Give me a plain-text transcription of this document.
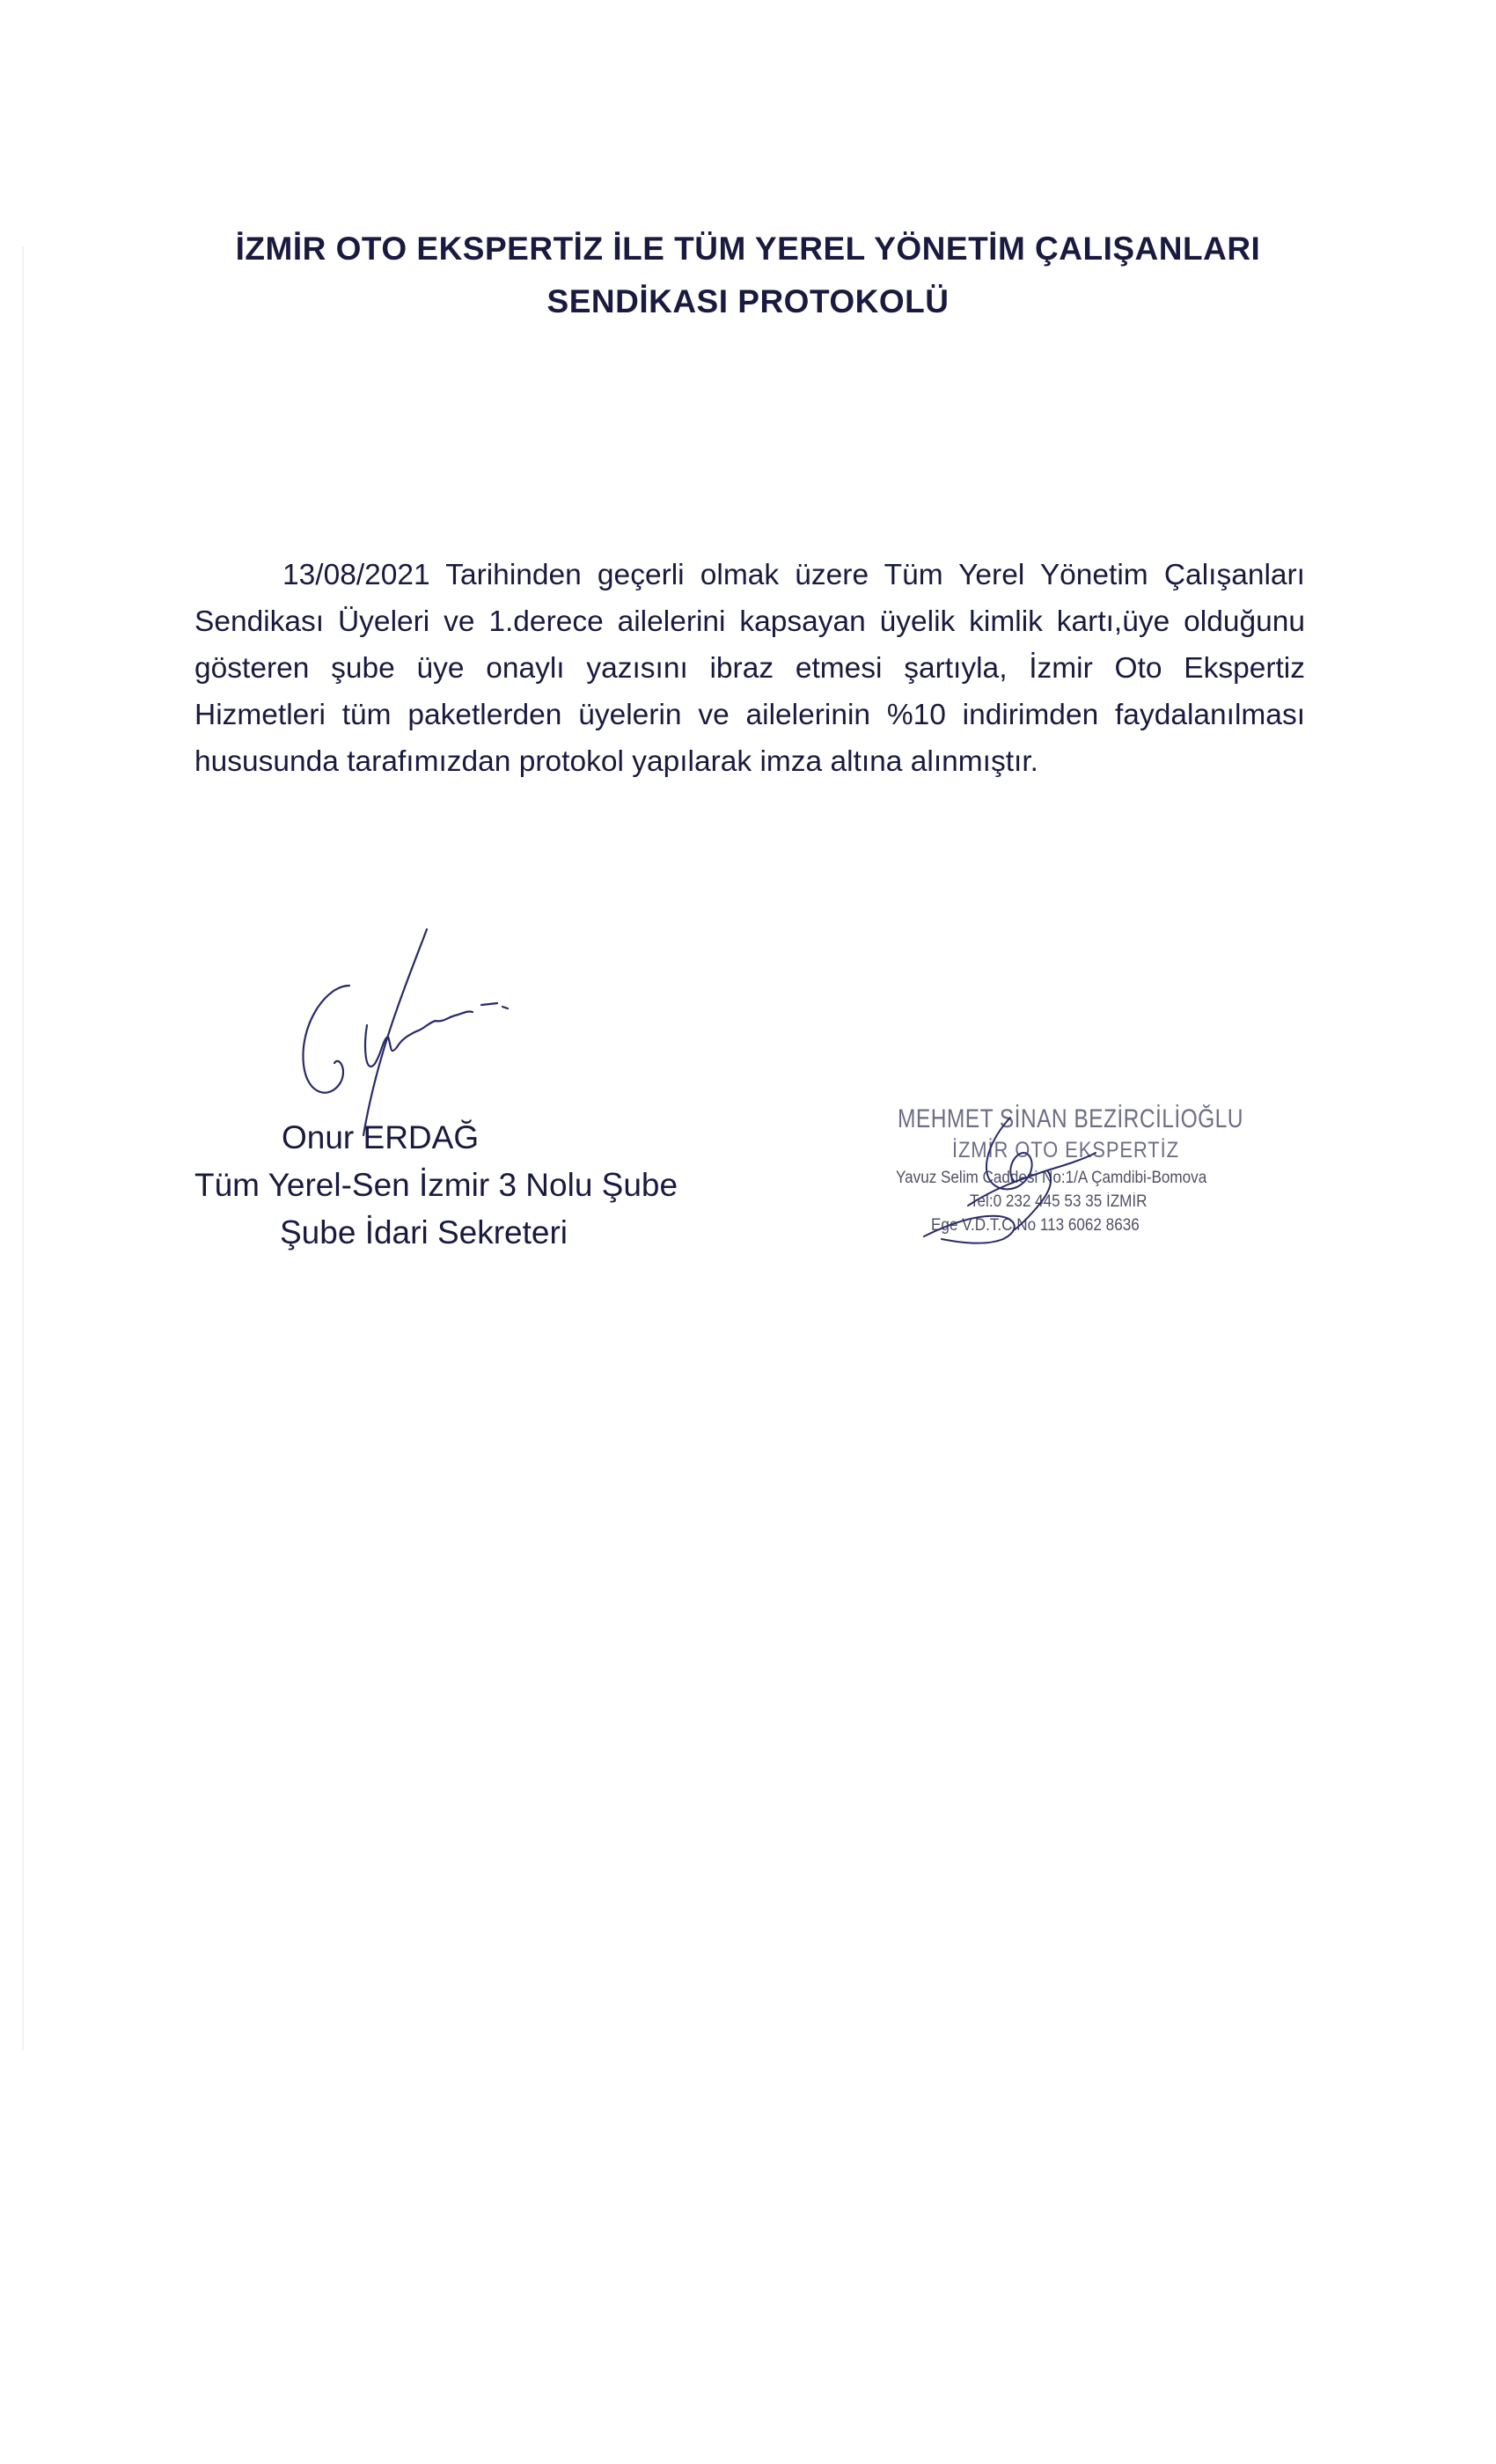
İZMİR OTO EKSPERTİZ İLE TÜM YEREL YÖNETİM ÇALIŞANLARI
SENDİKASI PROTOKOLÜ

13/08/2021 Tarihinden geçerli olmak üzere Tüm Yerel Yönetim Çalışanları Sendikası Üyeleri ve 1.derece ailelerini kapsayan üyelik kimlik kartı,üye olduğunu gösteren şube üye onaylı yazısını ibraz etmesi şartıyla, İzmir Oto Ekspertiz Hizmetleri tüm paketlerden üyelerin ve ailelerinin %10 indirimden faydalanılması hususunda tarafımızdan protokol yapılarak imza altına alınmıştır.

Onur ERDAĞ
Tüm Yerel-Sen İzmir 3 Nolu Şube
Şube İdari Sekreteri
MEHMET SİNAN BEZİRCİLİOĞLU
İZMİR OTO EKSPERTİZ
Yavuz Selim Caddesi No:1/A Çamdibi-Bomova
Tel:0 232 445 53 35 İZMİR
Ege V.D.T.C.No 113 6062 8636
